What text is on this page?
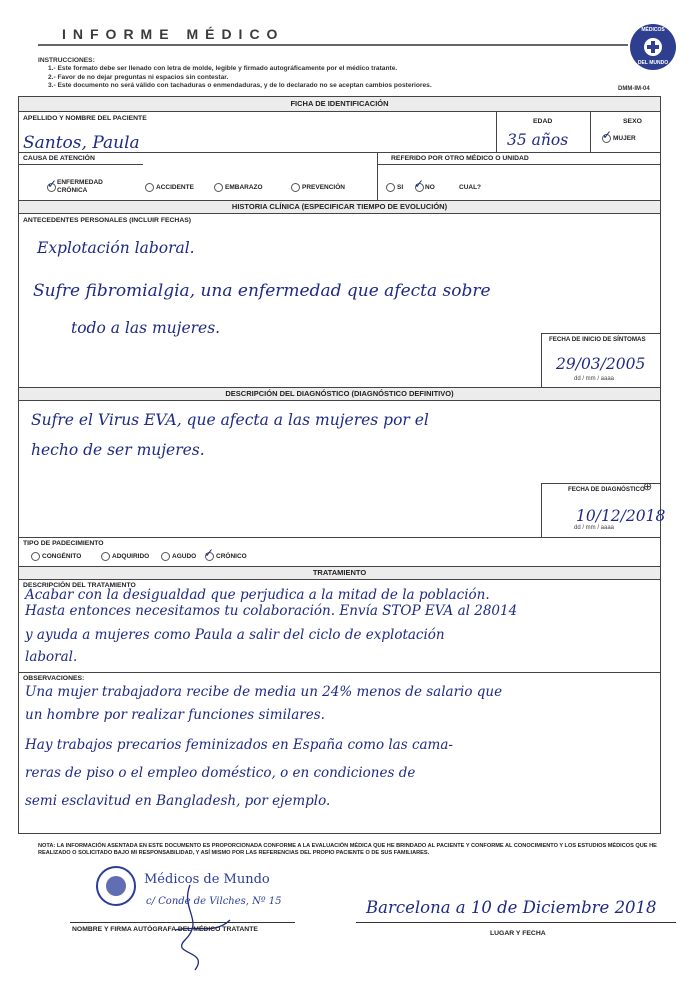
INFORME MÉDICO
INSTRUCCIONES:
1.- Este formato debe ser llenado con letra de molde, legible y firmado autográficamente por el médico tratante.
2.- Favor de no dejar preguntas ni espacios sin contestar.
3.- Este documento no será válido con tachaduras o enmendaduras, y de lo declarado no se aceptan cambios posteriores.	DMM-IM-04
MÉDICOS
DEL MUNDO
FICHA DE IDENTIFICACIÓN
APELLIDO Y NOMBRE DEL PACIENTE	EDAD	SEXO
Santos, Paula	35 años	✓ MUJER
CAUSA DE ATENCIÓN	REFERIDO POR OTRO MÉDICO O UNIDAD
✓ ENFERMEDAD
CRÓNICA	ACCIDENTE	EMBARAZO	PREVENCIÓN	SI ✓ NO	CUAL?
HISTORIA CLÍNICA (ESPECIFICAR TIEMPO DE EVOLUCIÓN)
ANTECEDENTES PERSONALES (INCLUIR FECHAS)
Explotación laboral.
Sufre fibromialgia, una enfermedad que afecta sobre
todo a las mujeres.
FECHA DE INICIO DE SÍNTOMAS
29/03/2005
dd / mm / aaaa
DESCRIPCIÓN DEL DIAGNÓSTICO (DIAGNÓSTICO DEFINITIVO)
Sufre el Virus EVA, que afecta a las mujeres por el
hecho de ser mujeres.
FECHA DE DIAGNÓSTICO
⊕
10/12/2018
dd / mm / aaaa
TIPO DE PADECIMIENTO
CONGÉNITO	ADQUIRIDO	AGUDO ✓ CRÓNICO
TRATAMIENTO
DESCRIPCIÓN DEL TRATAMIENTO
Acabar con la desigualdad que perjudica a la mitad de la población.
Hasta entonces necesitamos tu colaboración. Envía STOP EVA al 28014
y ayuda a mujeres como Paula a salir del ciclo de explotación
laboral.
OBSERVACIONES:
Una mujer trabajadora recibe de media un 24% menos de salario que
un hombre por realizar funciones similares.
Hay trabajos precarios feminizados en España como las cama-
reras de piso o el empleo doméstico, o en condiciones de
semi esclavitud en Bangladesh, por ejemplo.
NOTA: LA INFORMACIÓN ASENTADA EN ESTE DOCUMENTO ES PROPORCIONADA CONFORME A LA EVALUACIÓN MÉDICA QUE HE BRINDADO AL PACIENTE Y CONFORME AL CONOCIMIENTO Y LOS ESTUDIOS MÉDICOS QUE HE
REALIZADO O SOLICITADO BAJO MI RESPONSABILIDAD, Y ASÍ MISMO POR LAS REFERENCIAS DEL PROPIO PACIENTE O DE SUS FAMILIARES.
Médicos de Mundo
c/ Conde de Vilches, Nº 15
NOMBRE Y FIRMA AUTÓGRAFA DEL MÉDICO TRATANTE
Barcelona a 10 de Diciembre 2018
LUGAR Y FECHA
